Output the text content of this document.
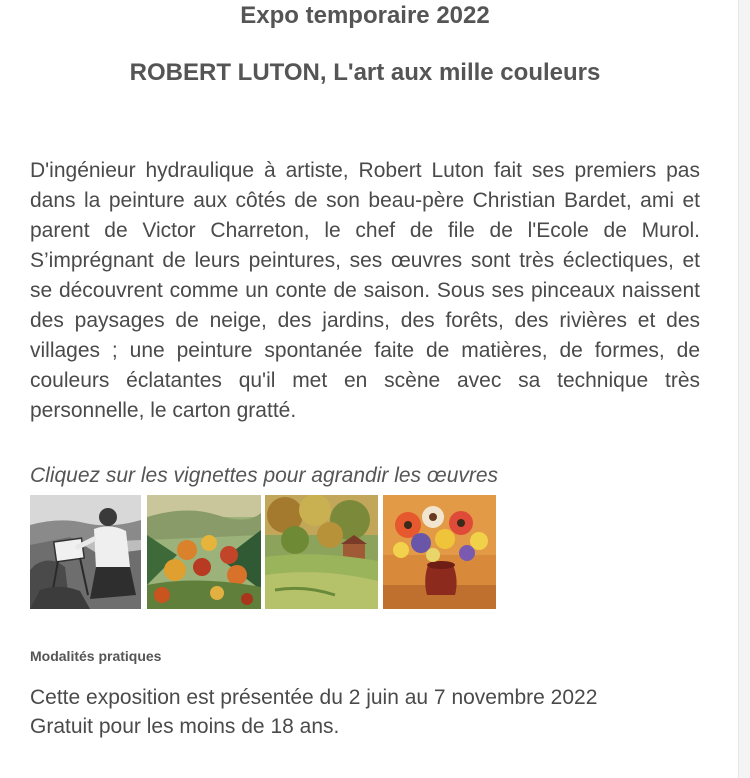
Expo temporaire 2022
ROBERT LUTON, L'art aux mille couleurs

D'ingénieur hydraulique à artiste, Robert Luton fait ses premiers pas dans la peinture aux côtés de son beau-père Christian Bardet, ami et parent de Victor Charreton, le chef de file de l'Ecole de Murol. S’imprégnant de leurs peintures, ses œuvres sont très éclectiques, et se découvrent comme un conte de saison. Sous ses pinceaux naissent des paysages de neige, des jardins, des forêts, des rivières et des villages ; une peinture spontanée faite de matières, de formes, de couleurs éclatantes qu'il met en scène avec sa technique très personnelle, le carton gratté.

Cliquez sur les vignettes pour agrandir les œuvres

Modalités pratiques

Cette exposition est présentée du 2 juin au 7 novembre 2022
Gratuit pour les moins de 18 ans.
